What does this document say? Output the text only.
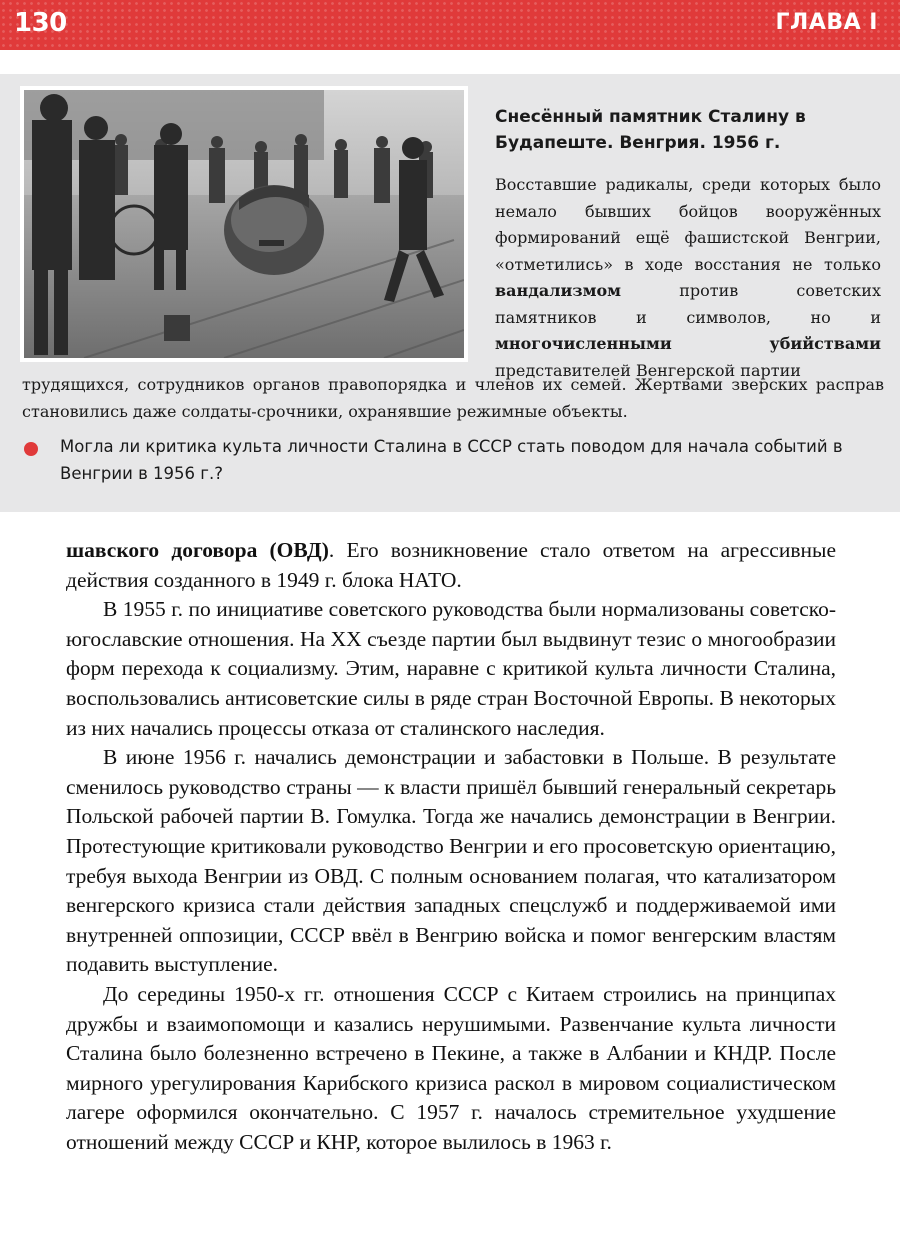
130	ГЛАВА I
Снесённый памятник Сталину в Будапеште. Венгрия. 1956 г.
Восставшие радикалы, среди которых было немало бывших бойцов вооружённых формирований ещё фашистской Венгрии, «отметились» в ходе восстания не только вандализмом против советских памятников и символов, но и многочисленными убийствами представителей Венгерской партии
трудящихся, сотрудников органов правопорядка и членов их семей. Жертвами зверских расправ становились даже солдаты-срочники, охранявшие режимные объекты.
Могла ли критика культа личности Сталина в СССР стать поводом для начала событий в Венгрии в 1956 г.?

шавского договора (ОВД). Его возникновение стало ответом на агрессивные действия созданного в 1949 г. блока НАТО.

В 1955 г. по инициативе советского руководства были нормализованы советско-югославские отношения. На XX съезде партии был выдвинут тезис о многообразии форм перехода к социализму. Этим, наравне с критикой культа личности Сталина, воспользовались антисоветские силы в ряде стран Восточной Европы. В некоторых из них начались процессы отказа от сталинского наследия.

В июне 1956 г. начались демонстрации и забастовки в Польше. В результате сменилось руководство страны — к власти пришёл бывший генеральный секретарь Польской рабочей партии В. Гомулка. Тогда же начались демонстрации в Венгрии. Протестующие критиковали руководство Венгрии и его просоветскую ориентацию, требуя выхода Венгрии из ОВД. С полным основанием полагая, что катализатором венгерского кризиса стали действия западных спецслужб и поддерживаемой ими внутренней оппозиции, СССР ввёл в Венгрию войска и помог венгерским властям подавить выступление.

До середины 1950-х гг. отношения СССР с Китаем строились на принципах дружбы и взаимопомощи и казались нерушимыми. Развенчание культа личности Сталина было болезненно встречено в Пекине, а также в Албании и КНДР. После мирного урегулирования Карибского кризиса раскол в мировом социалистическом лагере оформился окончательно. С 1957 г. началось стремительное ухудшение отношений между СССР и КНР, которое вылилось в 1963 г.
